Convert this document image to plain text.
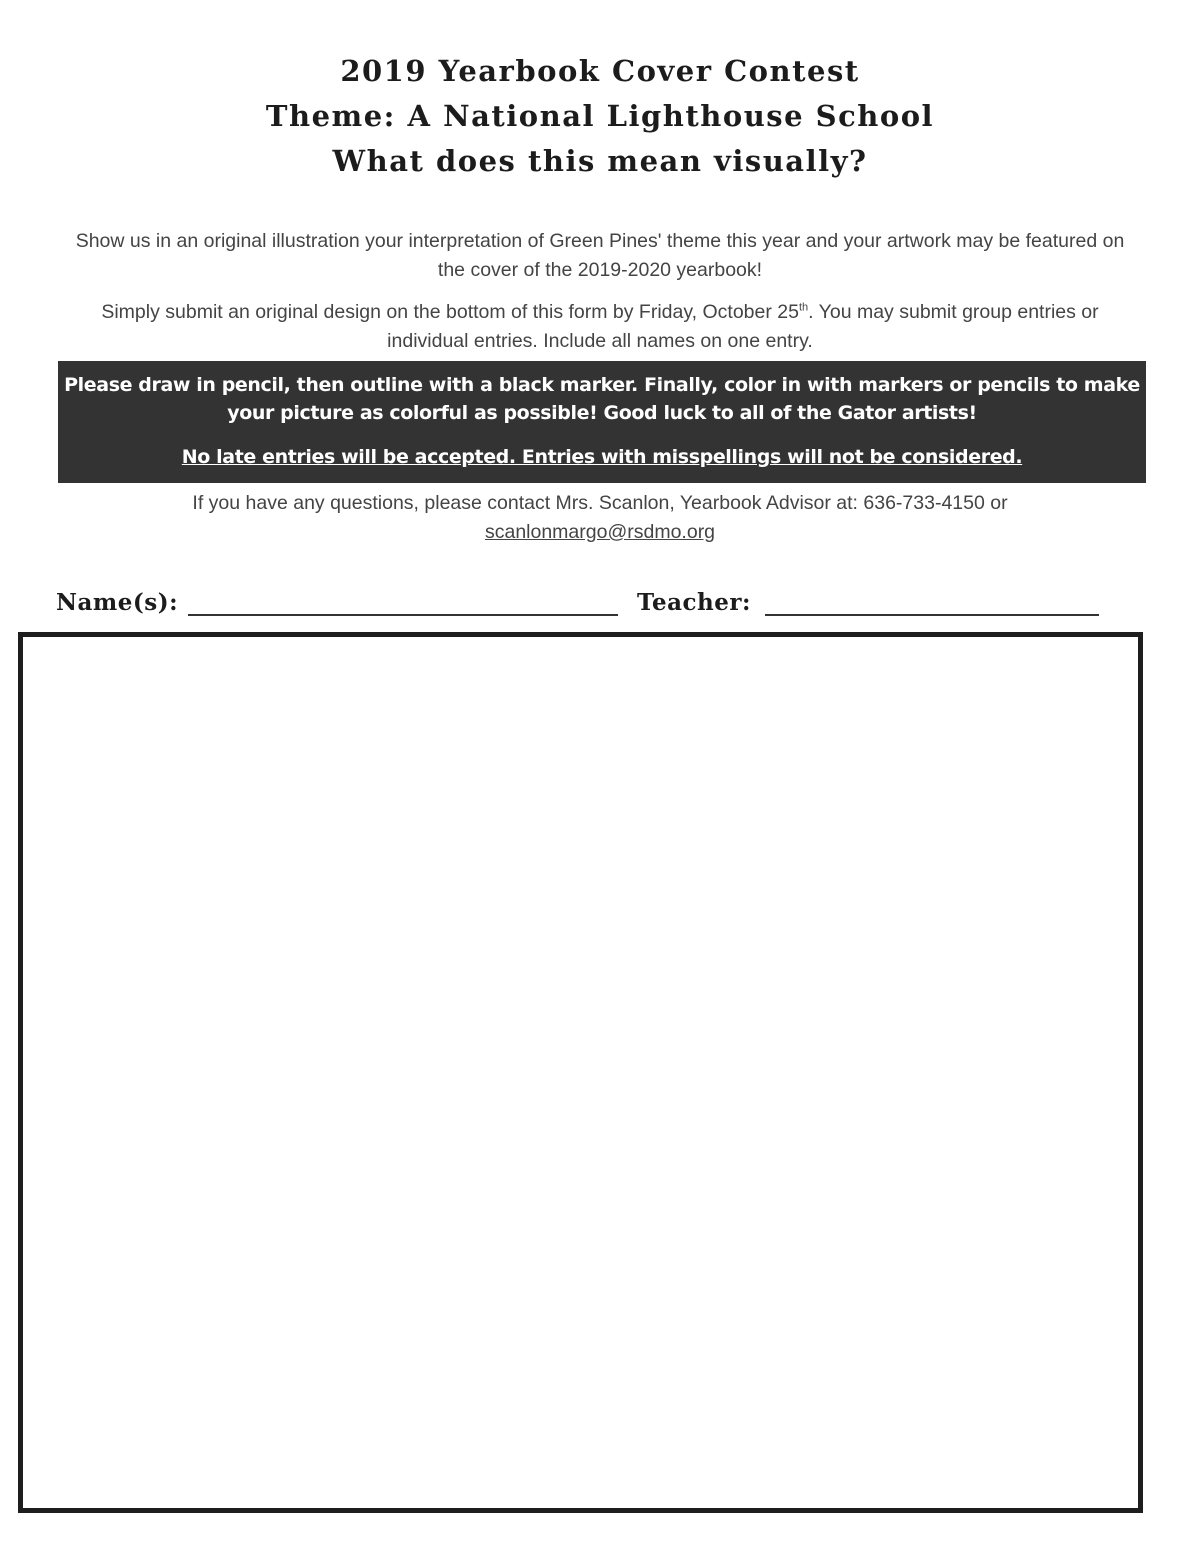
2019 Yearbook Cover Contest
Theme: A National Lighthouse School
What does this mean visually?
Show us in an original illustration your interpretation of Green Pines' theme this year and your artwork may be featured on the cover of the 2019-2020 yearbook!
Simply submit an original design on the bottom of this form by Friday, October 25th. You may submit group entries or individual entries. Include all names on one entry.
Please draw in pencil, then outline with a black marker. Finally, color in with markers or pencils to make your picture as colorful as possible! Good luck to all of the Gator artists!
No late entries will be accepted. Entries with misspellings will not be considered.
If you have any questions, please contact Mrs. Scanlon, Yearbook Advisor at: 636-733-4150 or
scanlonmargo@rsdmo.org
Name(s):	Teacher:
